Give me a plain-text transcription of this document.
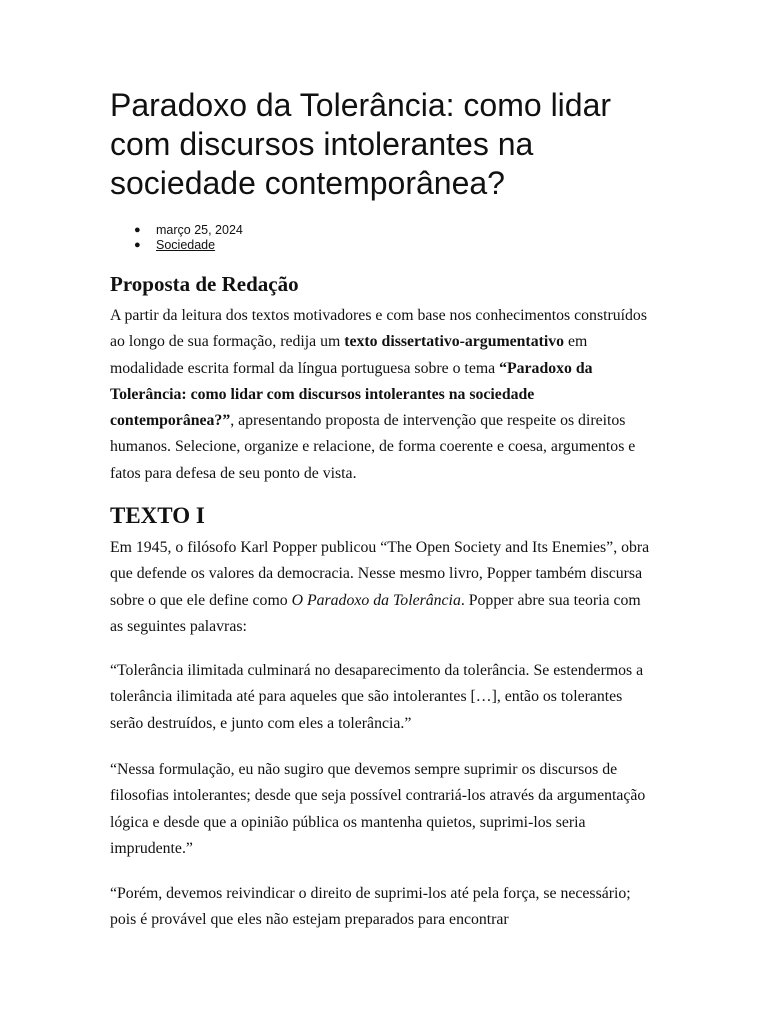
Paradoxo da Tolerância: como lidar com discursos intolerantes na sociedade contemporânea?
● março 25, 2024
● Sociedade
Proposta de Redação

A partir da leitura dos textos motivadores e com base nos conhecimentos construídos ao longo de sua formação, redija um texto dissertativo-argumentativo em modalidade escrita formal da língua portuguesa sobre o tema “Paradoxo da Tolerância: como lidar com discursos intolerantes na sociedade contemporânea?”, apresentando proposta de intervenção que respeite os direitos humanos. Selecione, organize e relacione, de forma coerente e coesa, argumentos e fatos para defesa de seu ponto de vista.

TEXTO I

Em 1945, o filósofo Karl Popper publicou “The Open Society and Its Enemies”, obra que defende os valores da democracia. Nesse mesmo livro, Popper também discursa sobre o que ele define como O Paradoxo da Tolerância. Popper abre sua teoria com as seguintes palavras:

“Tolerância ilimitada culminará no desaparecimento da tolerância. Se estendermos a tolerância ilimitada até para aqueles que são intolerantes […], então os tolerantes serão destruídos, e junto com eles a tolerância.”

“Nessa formulação, eu não sugiro que devemos sempre suprimir os discursos de filosofias intolerantes; desde que seja possível contrariá-los através da argumentação lógica e desde que a opinião pública os mantenha quietos, suprimi-los seria imprudente.”

“Porém, devemos reivindicar o direito de suprimi-los até pela força, se necessário; pois é provável que eles não estejam preparados para encontrar
